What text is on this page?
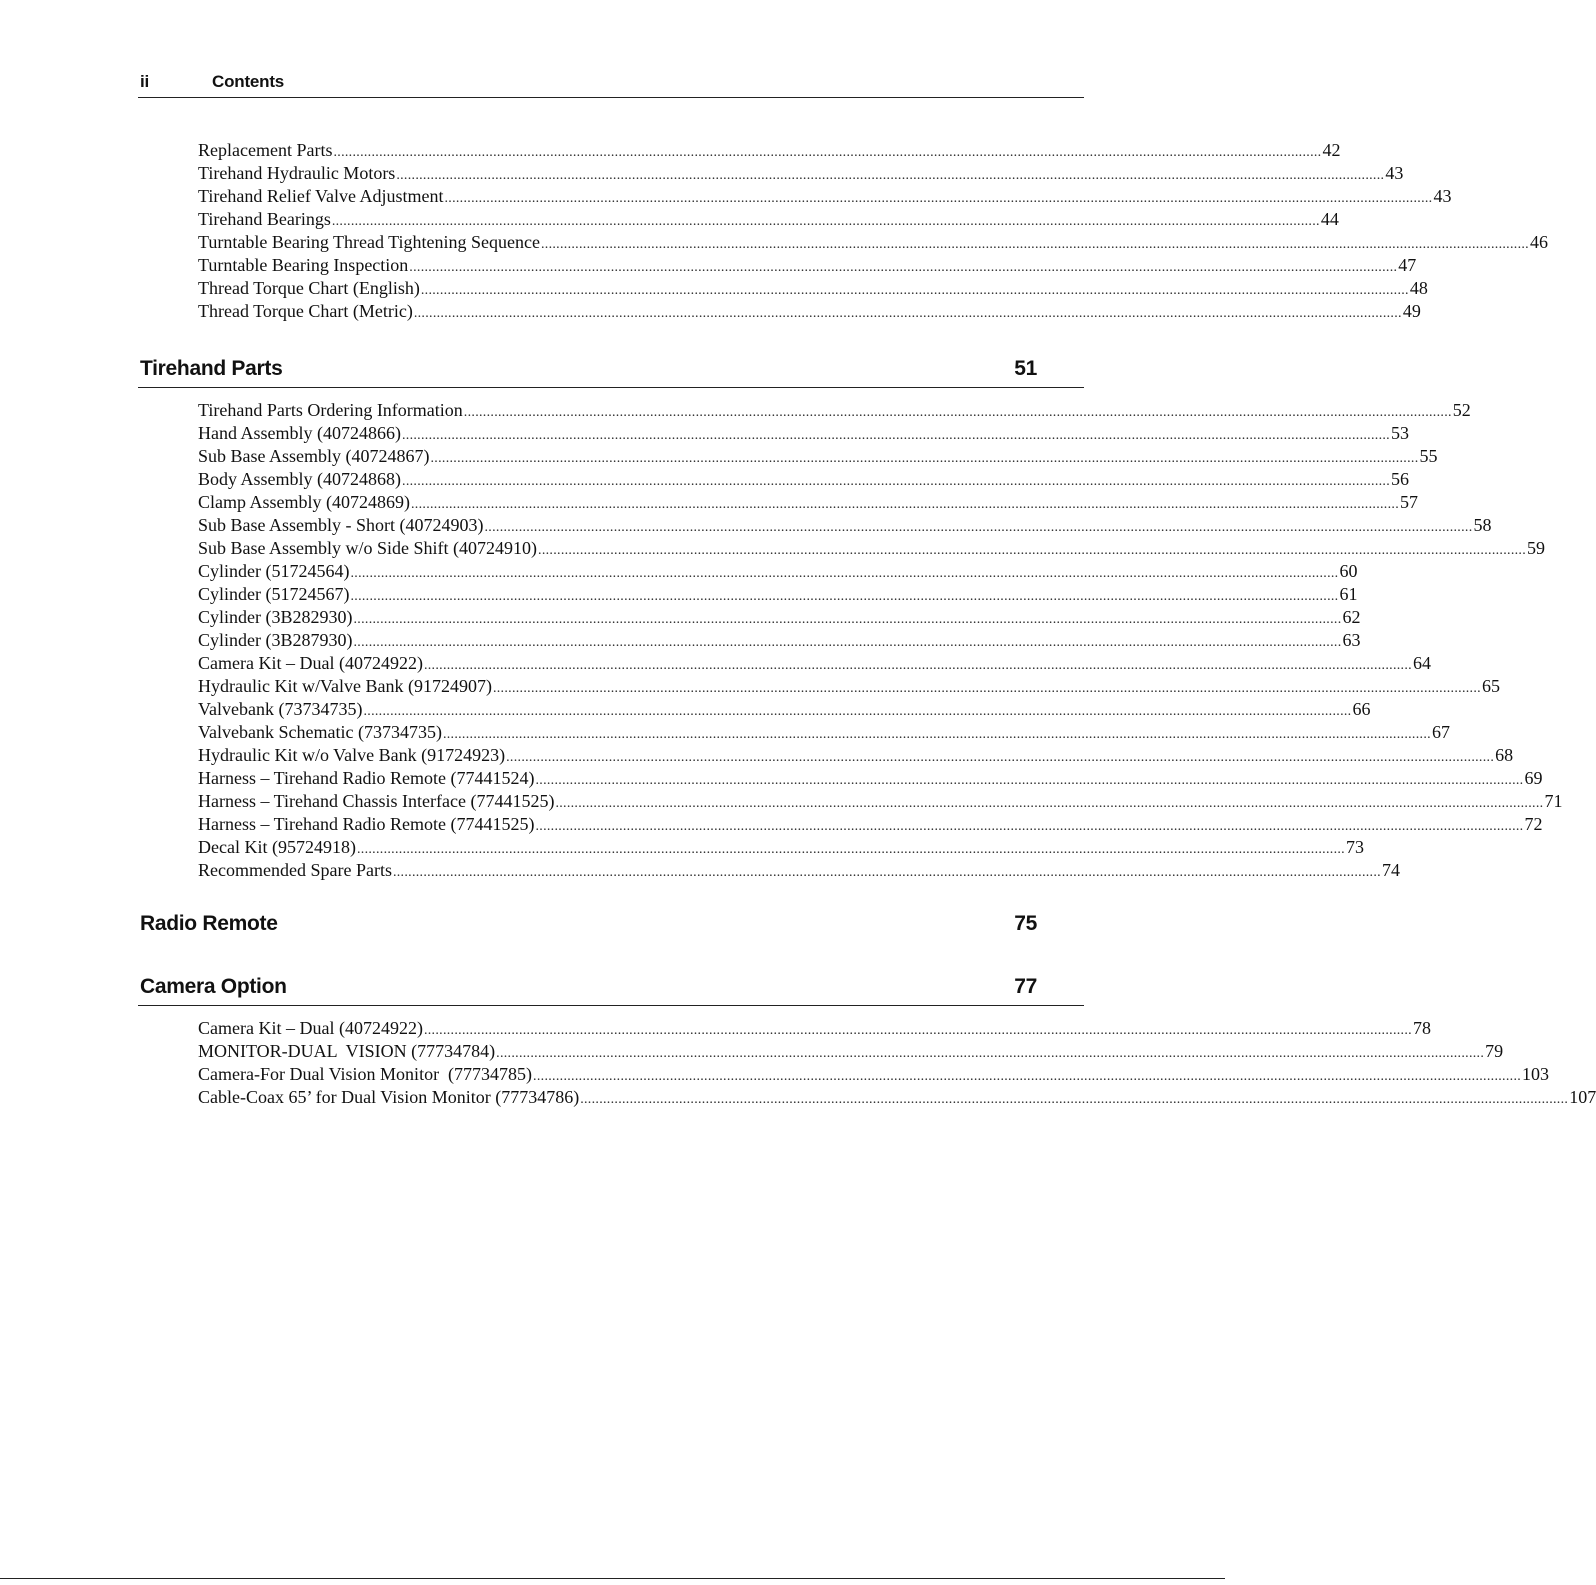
ii	Contents
Replacement Parts .................................................................................................................................................................................................................................................................... 42
Tirehand Hydraulic Motors .................................................................................................................................................................................................................................................................... 43
Tirehand Relief Valve Adjustment .................................................................................................................................................................................................................................................................... 43
Tirehand Bearings .................................................................................................................................................................................................................................................................... 44
Turntable Bearing Thread Tightening Sequence .................................................................................................................................................................................................................................................................... 46
Turntable Bearing Inspection .................................................................................................................................................................................................................................................................... 47
Thread Torque Chart (English) .................................................................................................................................................................................................................................................................... 48
Thread Torque Chart (Metric) .................................................................................................................................................................................................................................................................... 49
Tirehand Parts	51
Tirehand Parts Ordering Information .................................................................................................................................................................................................................................................................... 52
Hand Assembly (40724866) .................................................................................................................................................................................................................................................................... 53
Sub Base Assembly (40724867) .................................................................................................................................................................................................................................................................... 55
Body Assembly (40724868) .................................................................................................................................................................................................................................................................... 56
Clamp Assembly (40724869) .................................................................................................................................................................................................................................................................... 57
Sub Base Assembly - Short (40724903) .................................................................................................................................................................................................................................................................... 58
Sub Base Assembly w/o Side Shift (40724910) .................................................................................................................................................................................................................................................................... 59
Cylinder (51724564) .................................................................................................................................................................................................................................................................... 60
Cylinder (51724567) .................................................................................................................................................................................................................................................................... 61
Cylinder (3B282930) .................................................................................................................................................................................................................................................................... 62
Cylinder (3B287930) .................................................................................................................................................................................................................................................................... 63
Camera Kit – Dual (40724922) .................................................................................................................................................................................................................................................................... 64
Hydraulic Kit w/Valve Bank (91724907) .................................................................................................................................................................................................................................................................... 65
Valvebank (73734735) .................................................................................................................................................................................................................................................................... 66
Valvebank Schematic (73734735) .................................................................................................................................................................................................................................................................... 67
Hydraulic Kit w/o Valve Bank (91724923) .................................................................................................................................................................................................................................................................... 68
Harness – Tirehand Radio Remote (77441524) .................................................................................................................................................................................................................................................................... 69
Harness – Tirehand Chassis Interface (77441525) .................................................................................................................................................................................................................................................................... 71
Harness – Tirehand Radio Remote (77441525) .................................................................................................................................................................................................................................................................... 72
Decal Kit (95724918) .................................................................................................................................................................................................................................................................... 73
Recommended Spare Parts .................................................................................................................................................................................................................................................................... 74
Radio Remote	75
Camera Option	77
Camera Kit – Dual (40724922) .................................................................................................................................................................................................................................................................... 78
MONITOR-DUAL  VISION (77734784) .................................................................................................................................................................................................................................................................... 79
Camera-For Dual Vision Monitor  (77734785) .................................................................................................................................................................................................................................................................... 103
Cable-Coax 65’ for Dual Vision Monitor (77734786) .................................................................................................................................................................................................................................................................... 107
